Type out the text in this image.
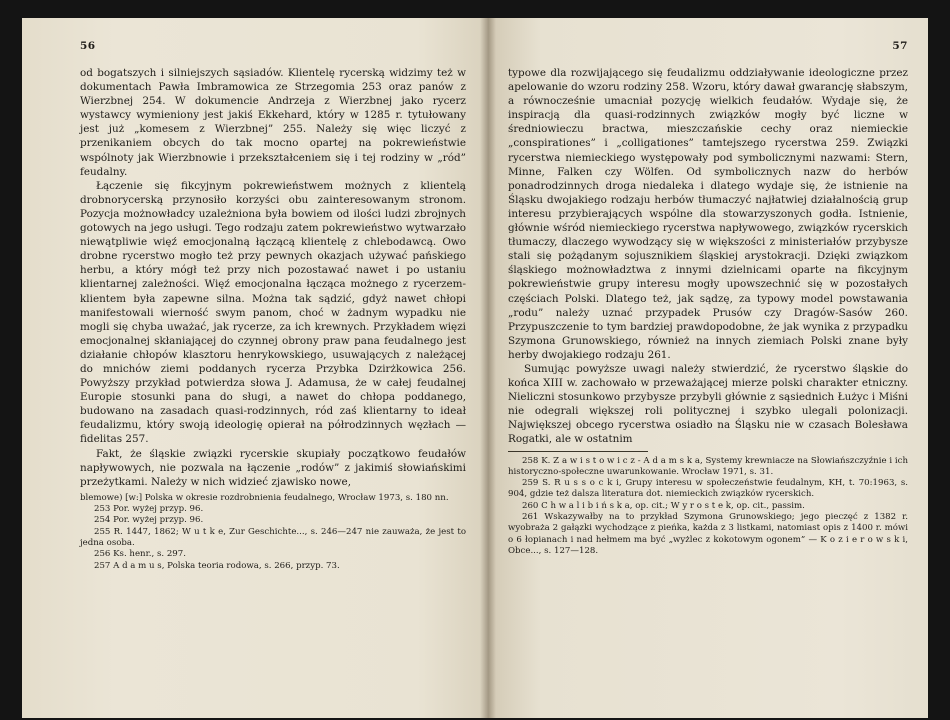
56

od bogatszych i silniejszych sąsiadów. Klientelę rycerską widzimy też w dokumentach Pawła Imbramowica ze Strzegomia 253 oraz panów z Wierzbnej 254. W dokumencie Andrzeja z Wierzbnej jako rycerz wystawcy wymieniony jest jakiś Ekkehard, który w 1285 r. tytułowany jest już „komesem z Wierzbnej” 255. Należy się więc liczyć z przenikaniem obcych do tak mocno opartej na pokrewieństwie wspólnoty jak Wierzbnowie i przekształceniem się i tej rodziny w „ród” feudalny.

Łączenie się fikcyjnym pokrewieństwem możnych z klientelą drobnorycerską przynosiło korzyści obu zainteresowanym stronom. Pozycja możnowładcy uzależniona była bowiem od ilości ludzi zbrojnych gotowych na jego usługi. Tego rodzaju zatem pokrewieństwo wytwarzało niewątpliwie więź emocjonalną łączącą klientelę z chlebodawcą. Owo drobne rycerstwo mogło też przy pewnych okazjach używać pańskiego herbu, a który mógł też przy nich pozostawać nawet i po ustaniu klientarnej zależności. Więź emocjonalna łącząca możnego z rycerzem-klientem była zapewne silna. Można tak sądzić, gdyż nawet chłopi manifestowali wierność swym panom, choć w żadnym wypadku nie mogli się chyba uważać, jak rycerze, za ich krewnych. Przykładem więzi emocjonalnej skłaniającej do czynnej obrony praw pana feudalnego jest działanie chłopów klasztoru henrykowskiego, usuwających z należącej do mnichów ziemi poddanych rycerza Przybka Dzirżkowica 256. Powyższy przykład potwierdza słowa J. Adamusa, że w całej feudalnej Europie stosunki pana do sługi, a nawet do chłopa poddanego, budowano na zasadach quasi-rodzinnych, ród zaś klientarny to ideał feudalizmu, który swoją ideologię opierał na półrodzinnych węzłach — fidelitas 257.

Fakt, że śląskie związki rycerskie skupiały początkowo feudałów napływowych, nie pozwala na łączenie „rodów” z jakimiś słowiańskimi przeżytkami. Należy w nich widzieć zjawisko nowe,

blemowe) [w:] Polska w okresie rozdrobnienia feudalnego, Wrocław 1973, s. 180 nn.

253 Por. wyżej przyp. 96.

254 Por. wyżej przyp. 96.

255 R. 1447, 1862; W u t k e, Zur Geschichte..., s. 246—247 nie zauważa, że jest to jedna osoba.

256 Ks. henr., s. 297.

257 A d a m u s, Polska teoria rodowa, s. 266, przyp. 73.

57

typowe dla rozwijającego się feudalizmu oddziaływanie ideologiczne przez apelowanie do wzoru rodziny 258. Wzoru, który dawał gwarancję słabszym, a równocześnie umacniał pozycję wielkich feudałów. Wydaje się, że inspiracją dla quasi-rodzinnych związków mogły być liczne w średniowieczu bractwa, mieszczańskie cechy oraz niemieckie „conspirationes” i „colligationes” tamtejszego rycerstwa 259. Związki rycerstwa niemieckiego występowały pod symbolicznymi nazwami: Stern, Minne, Falken czy Wölfen. Od symbolicznych nazw do herbów ponadrodzinnych droga niedaleka i dlatego wydaje się, że istnienie na Śląsku dwojakiego rodzaju herbów tłumaczyć najłatwiej działalnością grup interesu przybierających wspólne dla stowarzyszonych godła. Istnienie, głównie wśród niemieckiego rycerstwa napływowego, związków rycerskich tłumaczy, dlaczego wywodzący się w większości z ministeriałów przybysze stali się pożądanym sojusznikiem śląskiej arystokracji. Dzięki związkom śląskiego możnowładztwa z innymi dzielnicami oparte na fikcyjnym pokrewieństwie grupy interesu mogły upowszechnić się w pozostałych częściach Polski. Dlatego też, jak sądzę, za typowy model powstawania „rodu” należy uznać przypadek Prusów czy Dragów-Sasów 260. Przypuszczenie to tym bardziej prawdopodobne, że jak wynika z przypadku Szymona Grunowskiego, również na innych ziemiach Polski znane były herby dwojakiego rodzaju 261.

Sumując powyższe uwagi należy stwierdzić, że rycerstwo śląskie do końca XIII w. zachowało w przeważającej mierze polski charakter etniczny. Nieliczni stosunkowo przybysze przybyli głównie z sąsiednich Łużyc i Miśni nie odegrali większej roli politycznej i szybko ulegali polonizacji. Największej obcego rycerstwa osiadło na Śląsku nie w czasach Bolesława Rogatki, ale w ostatnim

258 K. Z a w i s t o w i c z - A d a m s k a, Systemy krewniacze na Słowiańszczyźnie i ich historyczno-społeczne uwarunkowanie. Wrocław 1971, s. 31.

259 S. R u s s o c k i, Grupy interesu w społeczeństwie feudalnym, KH, t. 70:1963, s. 904, gdzie też dalsza literatura dot. niemieckich związków rycerskich.

260 C h w a l i b i ń s k a, op. cit.; W y r o s t e k, op. cit., passim.

261 Wskazywałby na to przykład Szymona Grunowskiego; jego pieczęć z 1382 r. wyobraża 2 gałązki wychodzące z pieńka, każda z 3 listkami, natomiast opis z 1400 r. mówi o 6 łopianach i nad hełmem ma być „wyżlec z kokotowym ogonem” — K o z i e r o w s k i, Obce..., s. 127—128.
